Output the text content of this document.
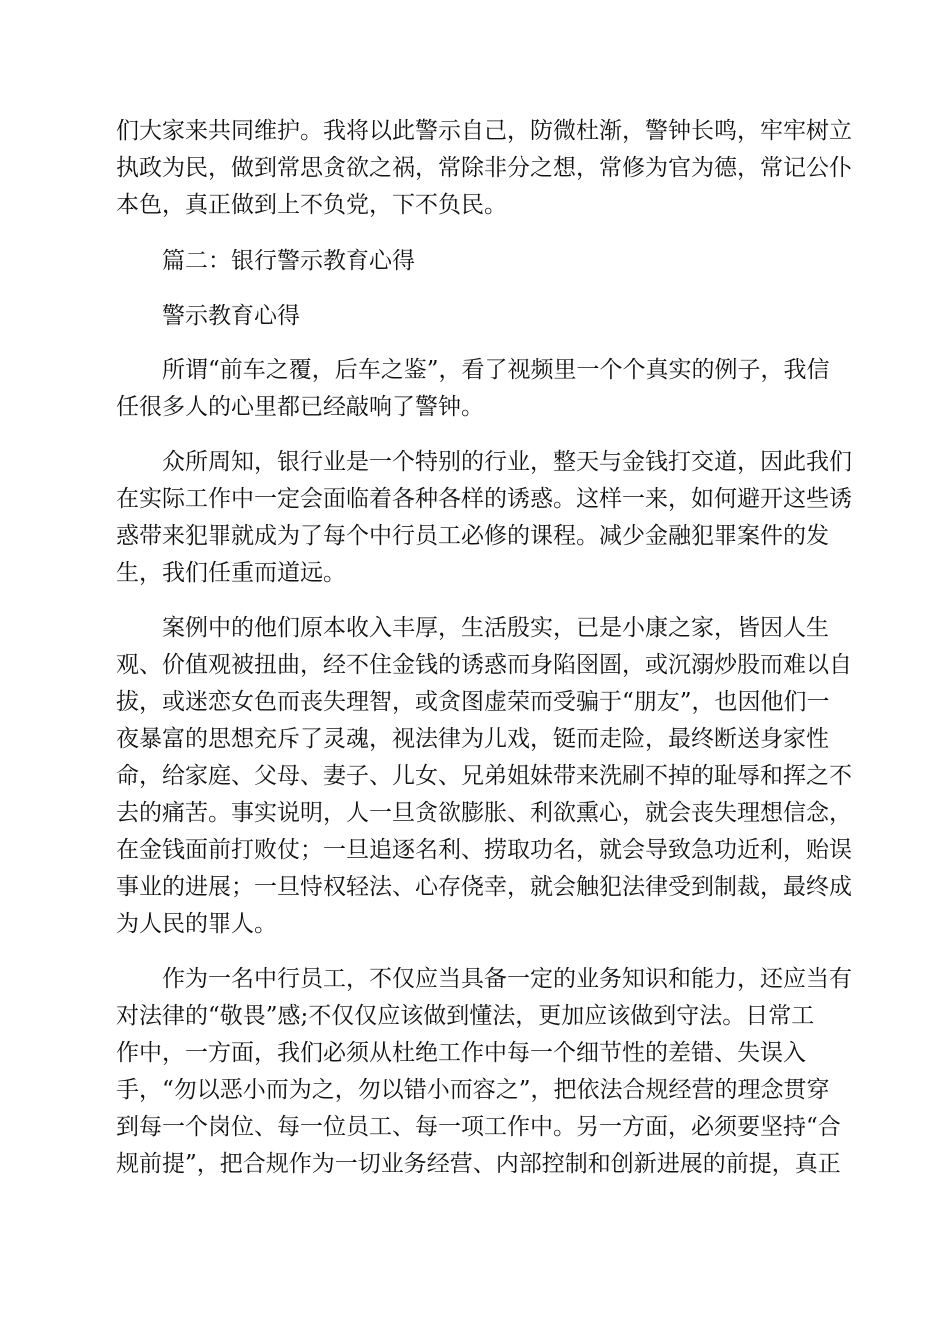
们大家来共同维护。我将以此警示自己，防微杜渐，警钟长鸣，牢牢树立

执政为民，做到常思贪欲之祸，常除非分之想，常修为官为德，常记公仆

本色，真正做到上不负党，下不负民。

篇二：银行警示教育心得

警示教育心得

所谓“前车之覆，后车之鉴”，看了视频里一个个真实的例子，我信

任很多人的心里都已经敲响了警钟。

众所周知，银行业是一个特别的行业，整天与金钱打交道，因此我们

在实际工作中一定会面临着各种各样的诱惑。这样一来，如何避开这些诱

惑带来犯罪就成为了每个中行员工必修的课程。减少金融犯罪案件的发

生，我们任重而道远。

案例中的他们原本收入丰厚，生活殷实，已是小康之家，皆因人生

观、价值观被扭曲，经不住金钱的诱惑而身陷囹圄，或沉溺炒股而难以自

拔，或迷恋女色而丧失理智，或贪图虚荣而受骗于“朋友”，也因他们一

夜暴富的思想充斥了灵魂，视法律为儿戏，铤而走险，最终断送身家性

命，给家庭、父母、妻子、儿女、兄弟姐妹带来洗刷不掉的耻辱和挥之不

去的痛苦。事实说明，人一旦贪欲膨胀、利欲熏心，就会丧失理想信念，

在金钱面前打败仗；一旦追逐名利、捞取功名，就会导致急功近利，贻误

事业的进展；一旦恃权轻法、心存侥幸，就会触犯法律受到制裁，最终成

为人民的罪人。

作为一名中行员工，不仅应当具备一定的业务知识和能力，还应当有

对法律的“敬畏”感;不仅仅应该做到懂法，更加应该做到守法。日常工

作中，一方面，我们必须从杜绝工作中每一个细节性的差错、失误入

手，“勿以恶小而为之，勿以错小而容之”，把依法合规经营的理念贯穿

到每一个岗位、每一位员工、每一项工作中。另一方面，必须要坚持“合

规前提”，把合规作为一切业务经营、内部控制和创新进展的前提，真正
